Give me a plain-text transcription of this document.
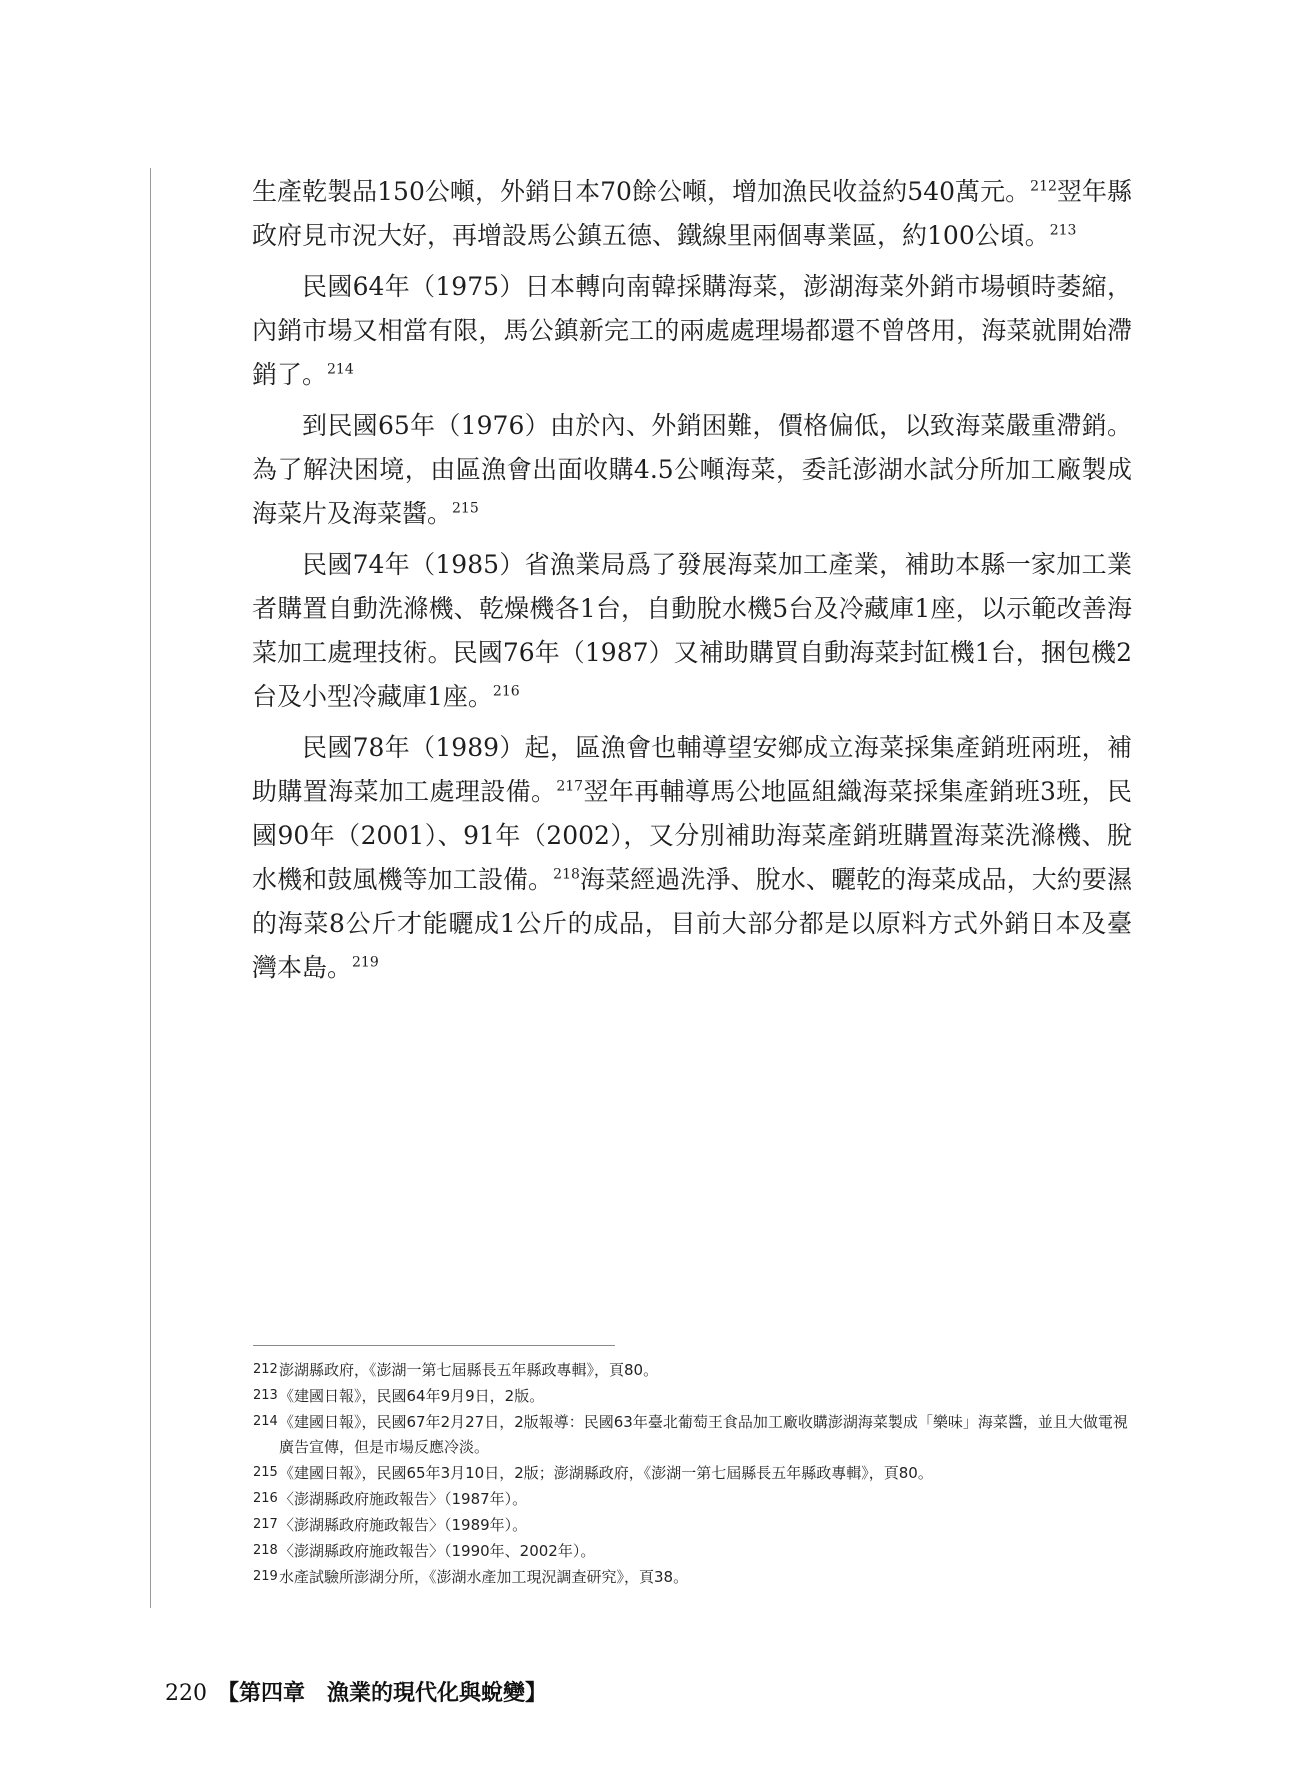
生產乾製品150公噸，外銷日本70餘公噸，增加漁民收益約540萬元。$^{212}$翌年縣政府見市況大好，再增設馬公鎮五德、鐵線里兩個專業區，約100公頃。$^{213}$

民國64年（1975）日本轉向南韓採購海菜，澎湖海菜外銷市場頓時萎縮，內銷市場又相當有限，馬公鎮新完工的兩處處理場都還不曾啓用，海菜就開始滯銷了。$^{214}$

到民國65年（1976）由於內、外銷困難，價格偏低，以致海菜嚴重滯銷。為了解決困境，由區漁會出面收購4.5公噸海菜，委託澎湖水試分所加工廠製成海菜片及海菜醬。$^{215}$

民國74年（1985）省漁業局爲了發展海菜加工產業，補助本縣一家加工業者購置自動洗滌機、乾燥機各1台，自動脫水機5台及冷藏庫1座，以示範改善海菜加工處理技術。民國76年（1987）又補助購買自動海菜封缸機1台，捆包機2台及小型冷藏庫1座。$^{216}$

民國78年（1989）起，區漁會也輔導望安鄉成立海菜採集產銷班兩班，補助購置海菜加工處理設備。$^{217}$翌年再輔導馬公地區組織海菜採集產銷班3班，民國90年（2001）、91年（2002），又分別補助海菜產銷班購置海菜洗滌機、脫水機和鼓風機等加工設備。$^{218}$海菜經過洗淨、脫水、曬乾的海菜成品，大約要濕的海菜8公斤才能曬成1公斤的成品，目前大部分都是以原料方式外銷日本及臺灣本島。$^{219}$

212澎湖縣政府，《澎湖一第七屆縣長五年縣政專輯》，頁80。
213《建國日報》，民國64年9月9日，2版。
214《建國日報》，民國67年2月27日，2版報導：民國63年臺北葡萄王食品加工廠收購澎湖海菜製成「樂味」海菜醬，並且大做電視廣告宣傳，但是市場反應冷淡。
215《建國日報》，民國65年3月10日，2版；澎湖縣政府，《澎湖一第七屆縣長五年縣政專輯》，頁80。
216〈澎湖縣政府施政報告〉（1987年）。
217〈澎湖縣政府施政報告〉（1989年）。
218〈澎湖縣政府施政報告〉（1990年、2002年）。
219水產試驗所澎湖分所，《澎湖水產加工現況調查研究》，頁38。
220 【第四章　漁業的現代化與蛻變】
